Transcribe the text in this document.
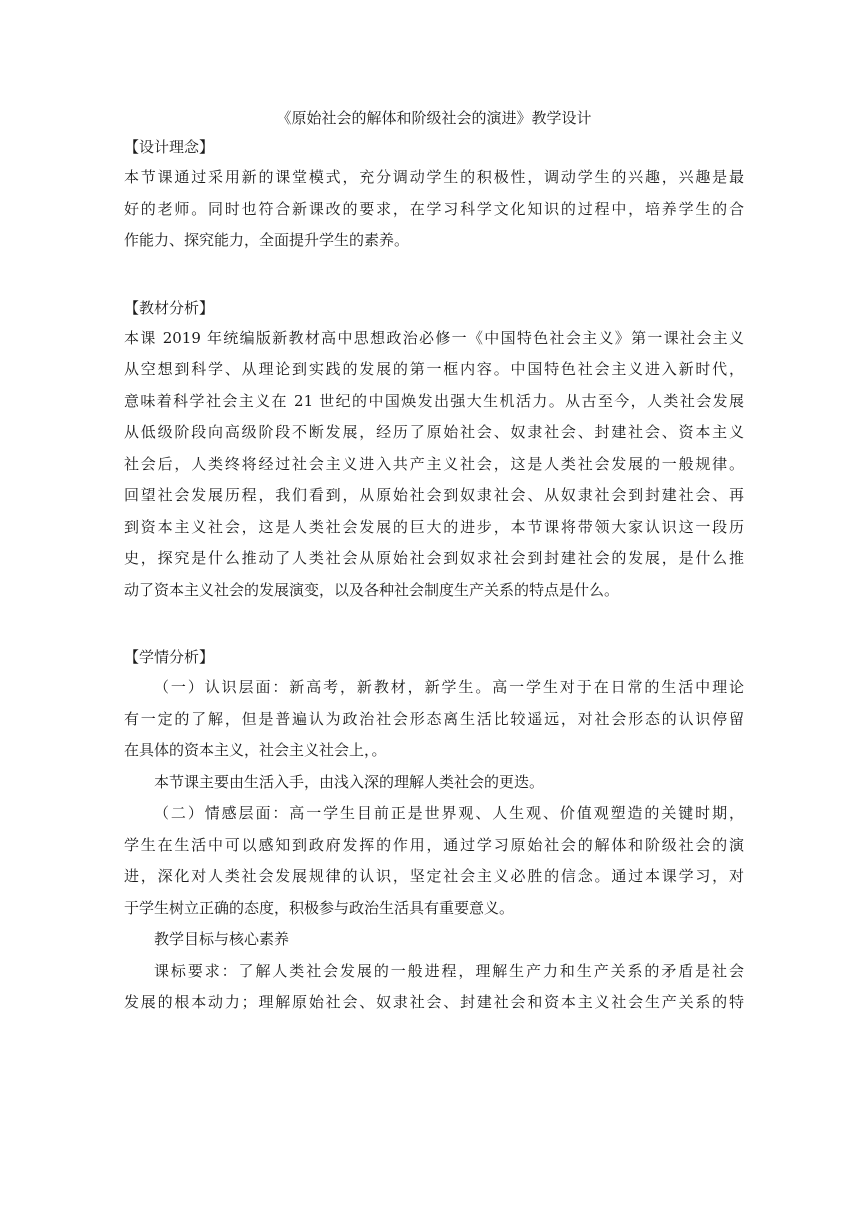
《原始社会的解体和阶级社会的演进》教学设计

【设计理念】

本节课通过采用新的课堂模式，充分调动学生的积极性，调动学生的兴趣，兴趣是最

好的老师。同时也符合新课改的要求，在学习科学文化知识的过程中，培养学生的合

作能力、探究能力，全面提升学生的素养。

【教材分析】

本课 2019 年统编版新教材高中思想政治必修一《中国特色社会主义》第一课社会主义

从空想到科学、从理论到实践的发展的第一框内容。中国特色社会主义进入新时代，

意味着科学社会主义在 21 世纪的中国焕发出强大生机活力。从古至今，人类社会发展

从低级阶段向高级阶段不断发展，经历了原始社会、奴隶社会、封建社会、资本主义

社会后，人类终将经过社会主义进入共产主义社会，这是人类社会发展的一般规律。

回望社会发展历程，我们看到，从原始社会到奴隶社会、从奴隶社会到封建社会、再

到资本主义社会，这是人类社会发展的巨大的进步，本节课将带领大家认识这一段历

史，探究是什么推动了人类社会从原始社会到奴求社会到封建社会的发展，是什么推

动了资本主义社会的发展演变，以及各种社会制度生产关系的特点是什么。

【学情分析】

（一）认识层面：新高考，新教材，新学生。高一学生对于在日常的生活中理论

有一定的了解，但是普遍认为政治社会形态离生活比较遥远，对社会形态的认识停留

在具体的资本主义，社会主义社会上，。

本节课主要由生活入手，由浅入深的理解人类社会的更迭。

（二）情感层面：高一学生目前正是世界观、人生观、价值观塑造的关键时期，

学生在生活中可以感知到政府发挥的作用，通过学习原始社会的解体和阶级社会的演

进，深化对人类社会发展规律的认识，坚定社会主义必胜的信念。通过本课学习，对

于学生树立正确的态度，积极参与政治生活具有重要意义。

教学目标与核心素养

课标要求：了解人类社会发展的一般进程，理解生产力和生产关系的矛盾是社会

发展的根本动力；理解原始社会、奴隶社会、封建社会和资本主义社会生产关系的特
